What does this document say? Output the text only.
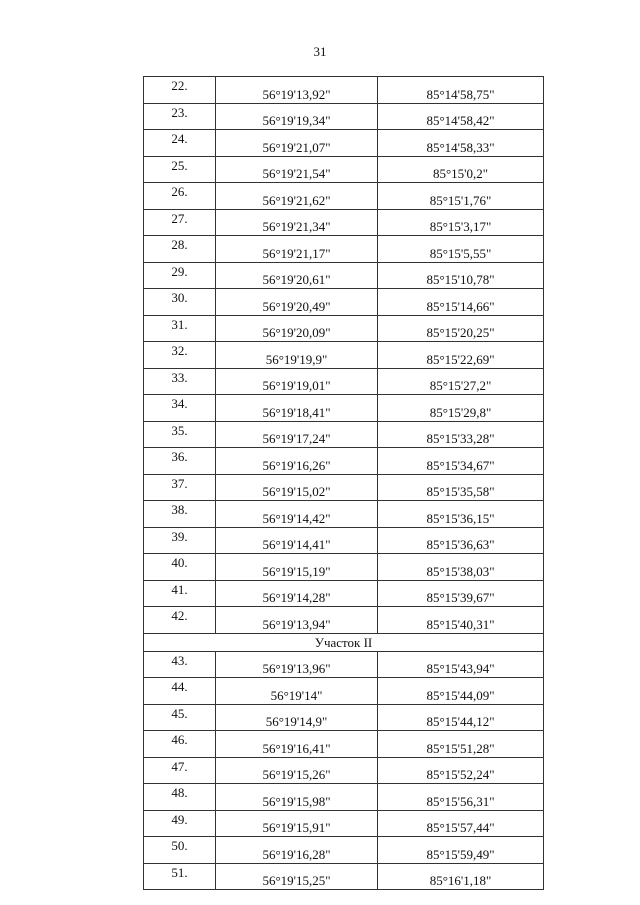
31
22.	56°19'13,92"	85°14'58,75"
23.	56°19'19,34"	85°14'58,42"
24.	56°19'21,07"	85°14'58,33"
25.	56°19'21,54"	85°15'0,2"
26.	56°19'21,62"	85°15'1,76"
27.	56°19'21,34"	85°15'3,17"
28.	56°19'21,17"	85°15'5,55"
29.	56°19'20,61"	85°15'10,78"
30.	56°19'20,49"	85°15'14,66"
31.	56°19'20,09"	85°15'20,25"
32.	56°19'19,9"	85°15'22,69"
33.	56°19'19,01"	85°15'27,2"
34.	56°19'18,41"	85°15'29,8"
35.	56°19'17,24"	85°15'33,28"
36.	56°19'16,26"	85°15'34,67"
37.	56°19'15,02"	85°15'35,58"
38.	56°19'14,42"	85°15'36,15"
39.	56°19'14,41"	85°15'36,63"
40.	56°19'15,19"	85°15'38,03"
41.	56°19'14,28"	85°15'39,67"
42.	56°19'13,94"	85°15'40,31"
Участок II		
43.	56°19'13,96"	85°15'43,94"
44.	56°19'14"	85°15'44,09"
45.	56°19'14,9"	85°15'44,12"
46.	56°19'16,41"	85°15'51,28"
47.	56°19'15,26"	85°15'52,24"
48.	56°19'15,98"	85°15'56,31"
49.	56°19'15,91"	85°15'57,44"
50.	56°19'16,28"	85°15'59,49"
51.	56°19'15,25"	85°16'1,18"
